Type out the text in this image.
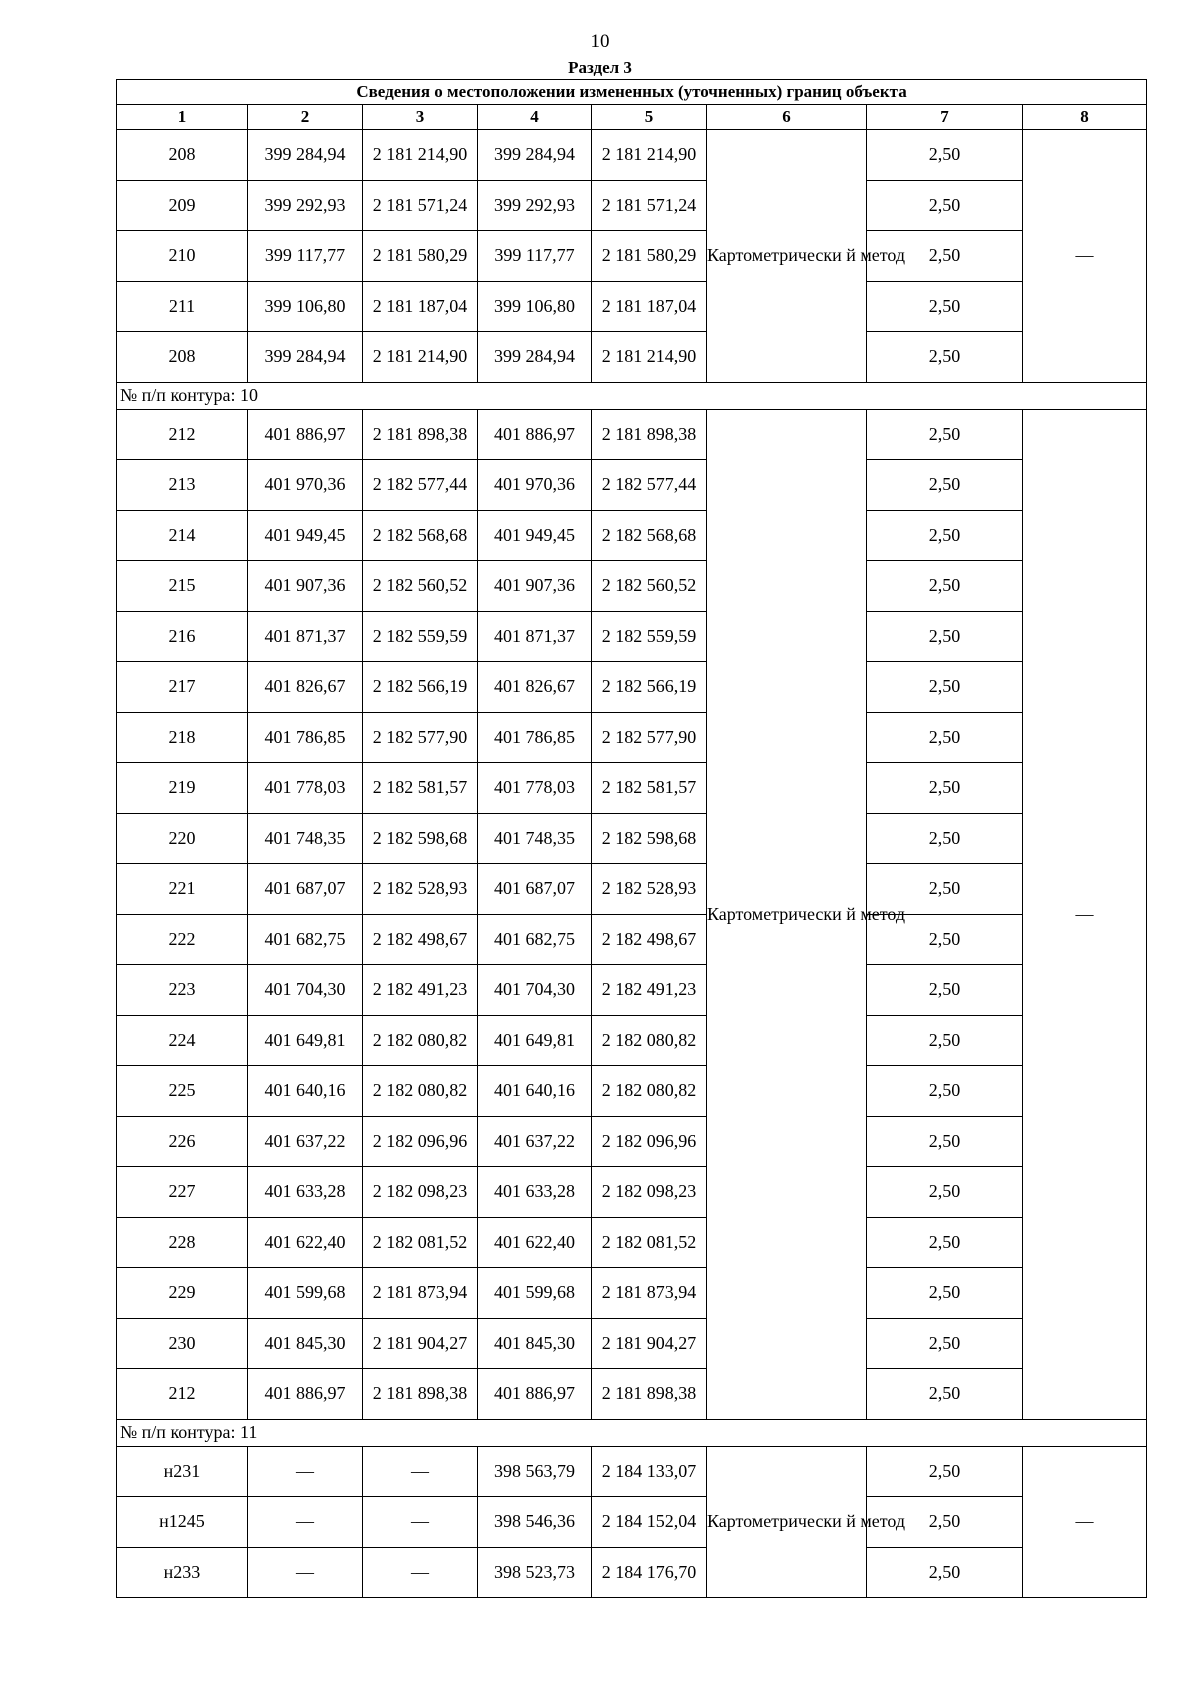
10
Раздел 3
Сведения о местоположении измененных (уточненных) границ объекта							
1	2	3	4	5	6	7	8
208	399 284,94	2 181 214,90	399 284,94	2 181 214,90	Картометрически й метод	2,50	—
209	399 292,93	2 181 571,24	399 292,93	2 181 571,24		2,50	
210	399 117,77	2 181 580,29	399 117,77	2 181 580,29		2,50	
211	399 106,80	2 181 187,04	399 106,80	2 181 187,04		2,50	
208	399 284,94	2 181 214,90	399 284,94	2 181 214,90		2,50	
№ п/п контура: 10							
212	401 886,97	2 181 898,38	401 886,97	2 181 898,38	Картометрически й метод	2,50	—
213	401 970,36	2 182 577,44	401 970,36	2 182 577,44		2,50	
214	401 949,45	2 182 568,68	401 949,45	2 182 568,68		2,50	
215	401 907,36	2 182 560,52	401 907,36	2 182 560,52		2,50	
216	401 871,37	2 182 559,59	401 871,37	2 182 559,59		2,50	
217	401 826,67	2 182 566,19	401 826,67	2 182 566,19		2,50	
218	401 786,85	2 182 577,90	401 786,85	2 182 577,90		2,50	
219	401 778,03	2 182 581,57	401 778,03	2 182 581,57		2,50	
220	401 748,35	2 182 598,68	401 748,35	2 182 598,68		2,50	
221	401 687,07	2 182 528,93	401 687,07	2 182 528,93		2,50	
222	401 682,75	2 182 498,67	401 682,75	2 182 498,67		2,50	
223	401 704,30	2 182 491,23	401 704,30	2 182 491,23		2,50	
224	401 649,81	2 182 080,82	401 649,81	2 182 080,82		2,50	
225	401 640,16	2 182 080,82	401 640,16	2 182 080,82		2,50	
226	401 637,22	2 182 096,96	401 637,22	2 182 096,96		2,50	
227	401 633,28	2 182 098,23	401 633,28	2 182 098,23		2,50	
228	401 622,40	2 182 081,52	401 622,40	2 182 081,52		2,50	
229	401 599,68	2 181 873,94	401 599,68	2 181 873,94		2,50	
230	401 845,30	2 181 904,27	401 845,30	2 181 904,27		2,50	
212	401 886,97	2 181 898,38	401 886,97	2 181 898,38		2,50	
№ п/п контура: 11							
н231	—	—	398 563,79	2 184 133,07	Картометрически й метод	2,50	—
н1245	—	—	398 546,36	2 184 152,04		2,50	
н233	—	—	398 523,73	2 184 176,70		2,50	
